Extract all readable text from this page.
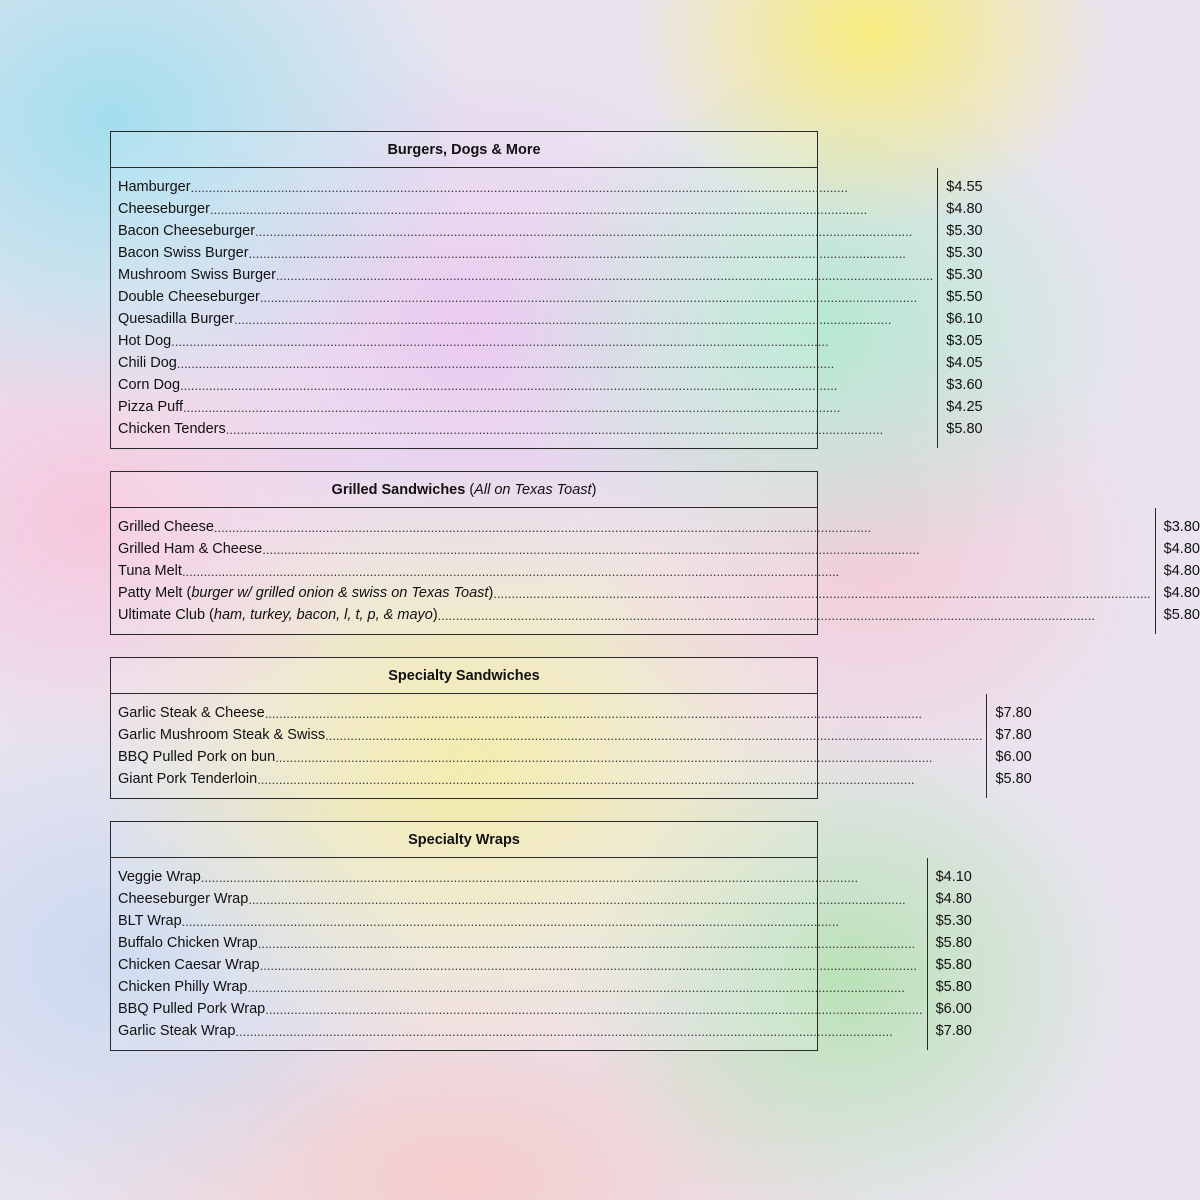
Burgers, Dogs & More
Hamburger
.....
Cheeseburger
.....
Bacon Cheeseburger
.....
Bacon Swiss Burger
.....
Mushroom Swiss Burger
.....
Double Cheeseburger
.....
Quesadilla Burger
.....
Hot Dog
.....
Chili Dog
.....
Corn Dog
.....
Pizza Puff
.....
Chicken Tenders
.....
$4.55
$4.80
$5.30
$5.30
$5.30
$5.50
$6.10
$3.05
$4.05
$3.60
$4.25
$5.80
Grilled Sandwiches ( All on Texas Toast )
Grilled Cheese
.....
Grilled Ham & Cheese
.....
Tuna Melt
.....
Patty Melt (burger w/ grilled onion & swiss on Texas Toast)
.....
Ultimate Club (ham, turkey, bacon, l, t, p, & mayo)
.....
$3.80
$4.80
$4.80
$4.80
$5.80
Specialty Sandwiches
Garlic Steak & Cheese
.....
Garlic Mushroom Steak & Swiss
.....
BBQ Pulled Pork on bun
.....
Giant Pork Tenderloin
.....
$7.80
$7.80
$6.00
$5.80
Specialty Wraps
Veggie Wrap
.....
Cheeseburger Wrap
.....
BLT Wrap
.....
Buffalo Chicken Wrap
.....
Chicken Caesar Wrap
.....
Chicken Philly Wrap
.....
BBQ Pulled Pork Wrap
.....
Garlic Steak Wrap
.....
$4.10
$4.80
$5.30
$5.80
$5.80
$5.80
$6.00
$7.80
